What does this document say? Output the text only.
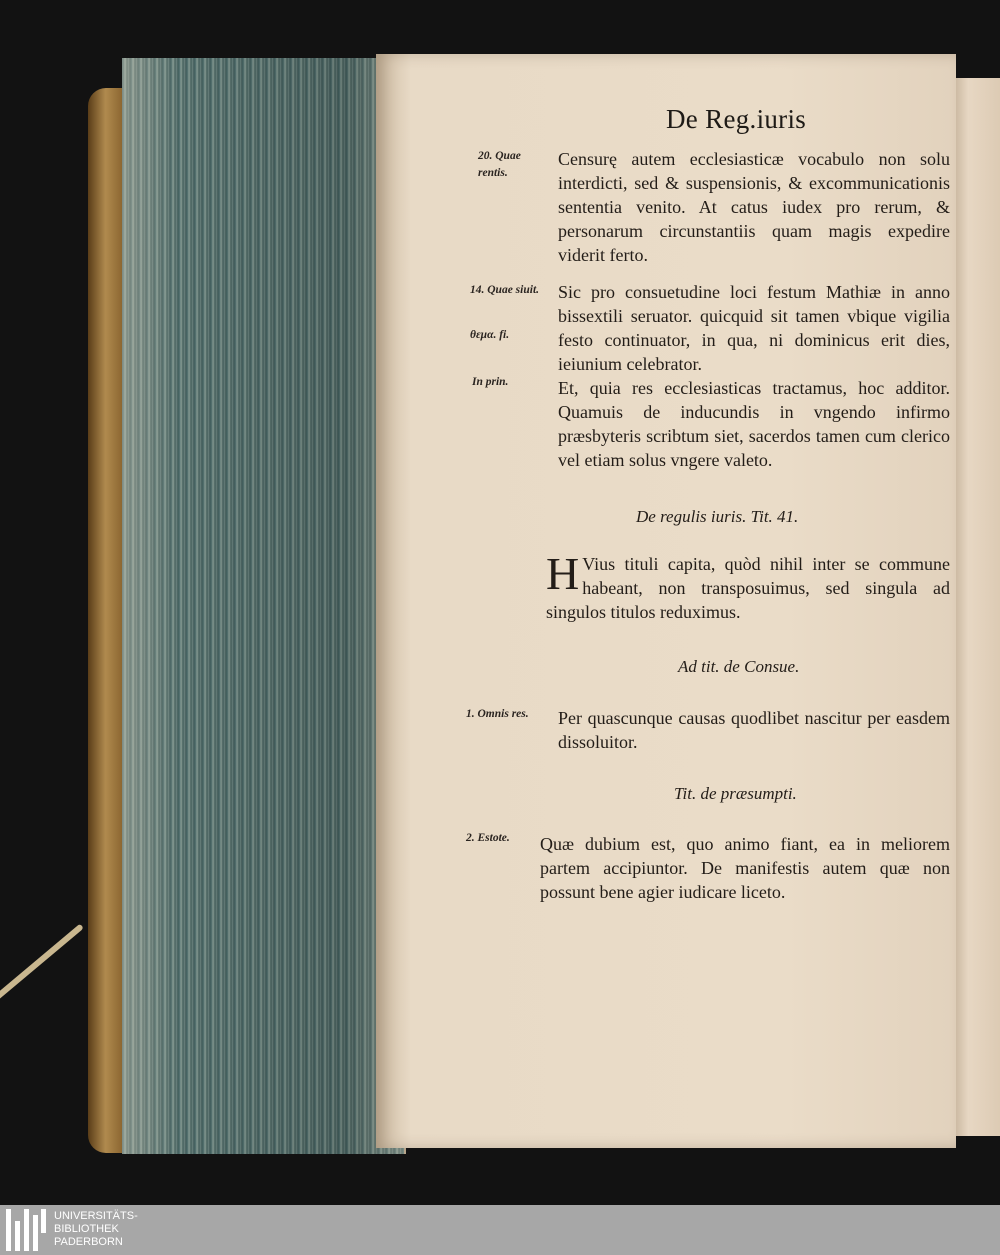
De Reg.iuris
20. Quae rentis.
14. Quae siuit.
θεμα. fi.
In prin.
1. Omnis res.
2. Estote.
Censurę autem ecclesiasticæ vocabulo non solu interdicti, sed & suspensionis, & excommunicationis sententia venito. At catus iudex pro rerum, & personarum circunstantiis quam magis expedire viderit ferto.
Sic pro consuetudine loci festum Mathiæ in anno bissextili seruator. quicquid sit tamen vbique vigilia festo continuator, in qua, ni dominicus erit dies, ieiunium celebrator.
Et, quia res ecclesiasticas tractamus, hoc additor. Quamuis de inducundis in vngendo infirmo præsbyteris scribtum siet, sacerdos tamen cum clerico vel etiam solus vngere valeto.
De regulis iuris. Tit. 41.
H Vius tituli capita, quòd nihil inter se commune habeant, non transposuimus, sed singula ad singulos titulos reduximus.
Ad tit. de Consue.
Per quascunque causas quodlibet nascitur per easdem dissoluitor.
Tit. de præsumpti.
Quæ dubium est, quo animo fiant, ea in meliorem partem accipiuntor. De manifestis autem quæ non possunt bene agier iudicare liceto.
UNIVERSITÄTS-
BIBLIOTHEK
PADERBORN
